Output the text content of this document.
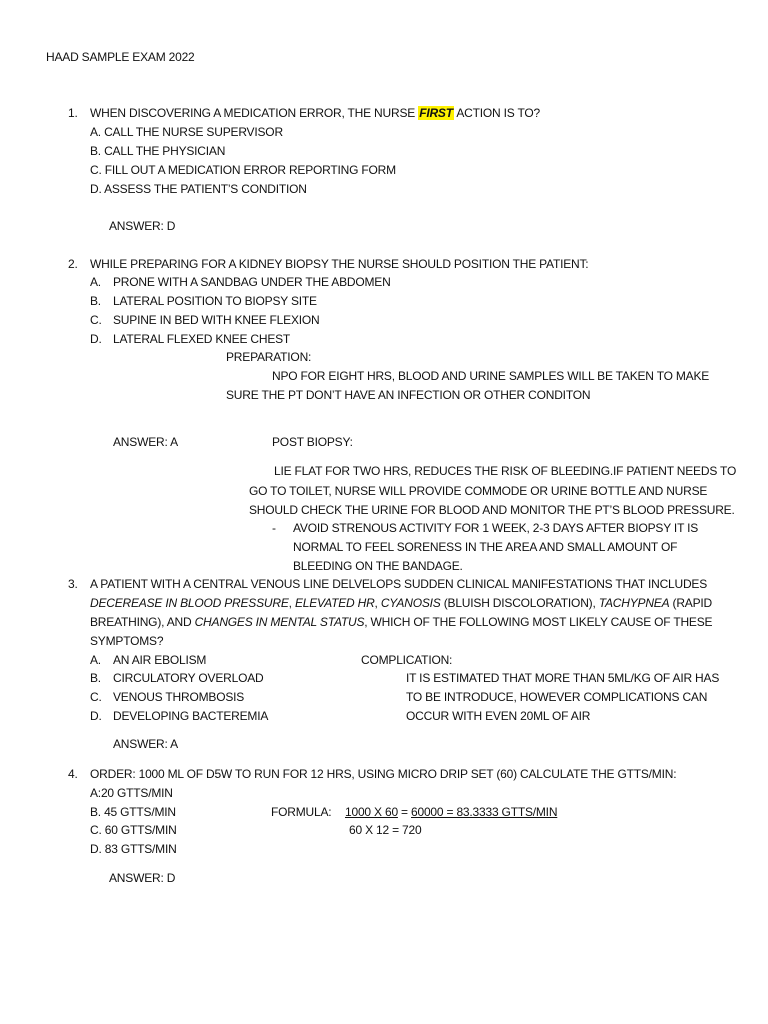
HAAD SAMPLE EXAM 2022
1. WHEN DISCOVERING A MEDICATION ERROR, THE NURSE FIRST ACTION IS TO?
A. CALL THE NURSE SUPERVISOR
B. CALL THE PHYSICIAN
C. FILL OUT A MEDICATION ERROR REPORTING FORM
D. ASSESS THE PATIENT’S CONDITION
ANSWER: D
2. WHILE PREPARING FOR A KIDNEY BIOPSY THE NURSE SHOULD POSITION THE PATIENT:
A. PRONE WITH A SANDBAG UNDER THE ABDOMEN
B. LATERAL POSITION TO BIOPSY SITE
C. SUPINE IN BED WITH KNEE FLEXION
D. LATERAL FLEXED KNEE CHEST
PREPARATION:
NPO FOR EIGHT HRS, BLOOD AND URINE SAMPLES WILL BE TAKEN TO MAKE
SURE THE PT DON’T HAVE AN INFECTION OR OTHER CONDITON
ANSWER: A	POST BIOPSY:
LIE FLAT FOR TWO HRS, REDUCES THE RISK OF BLEEDING.IF PATIENT NEEDS TO
GO TO TOILET, NURSE WILL PROVIDE COMMODE OR URINE BOTTLE AND NURSE
SHOULD CHECK THE URINE FOR BLOOD AND MONITOR THE PT’S BLOOD PRESSURE.
- AVOID STRENOUS ACTIVITY FOR 1 WEEK, 2-3 DAYS AFTER BIOPSY IT IS
NORMAL TO FEEL SORENESS IN THE AREA AND SMALL AMOUNT OF
BLEEDING ON THE BANDAGE.
3. A PATIENT WITH A CENTRAL VENOUS LINE DELVELOPS SUDDEN CLINICAL MANIFESTATIONS THAT INCLUDES
DECEREASE IN BLOOD PRESSURE, ELEVATED HR, CYANOSIS (BLUISH DISCOLORATION), TACHYPNEA (RAPID
BREATHING), AND CHANGES IN MENTAL STATUS, WHICH OF THE FOLLOWING MOST LIKELY CAUSE OF THESE
SYMPTOMS?
A. AN AIR EBOLISM
B. CIRCULATORY OVERLOAD
C. VENOUS THROMBOSIS
D. DEVELOPING BACTEREMIA
COMPLICATION:
IT IS ESTIMATED THAT MORE THAN 5ML/KG OF AIR HAS
TO BE INTRODUCE, HOWEVER COMPLICATIONS CAN
OCCUR WITH EVEN 20ML OF AIR
ANSWER: A
4. ORDER: 1000 ML OF D5W TO RUN FOR 12 HRS, USING MICRO DRIP SET (60) CALCULATE THE GTTS/MIN:
A:20 GTTS/MIN
B. 45 GTTS/MIN
C. 60 GTTS/MIN
D. 83 GTTS/MIN
FORMULA: 1000 X 60 = 60000 = 83.3333 GTTS/MIN
60 X 12 = 720
ANSWER: D
